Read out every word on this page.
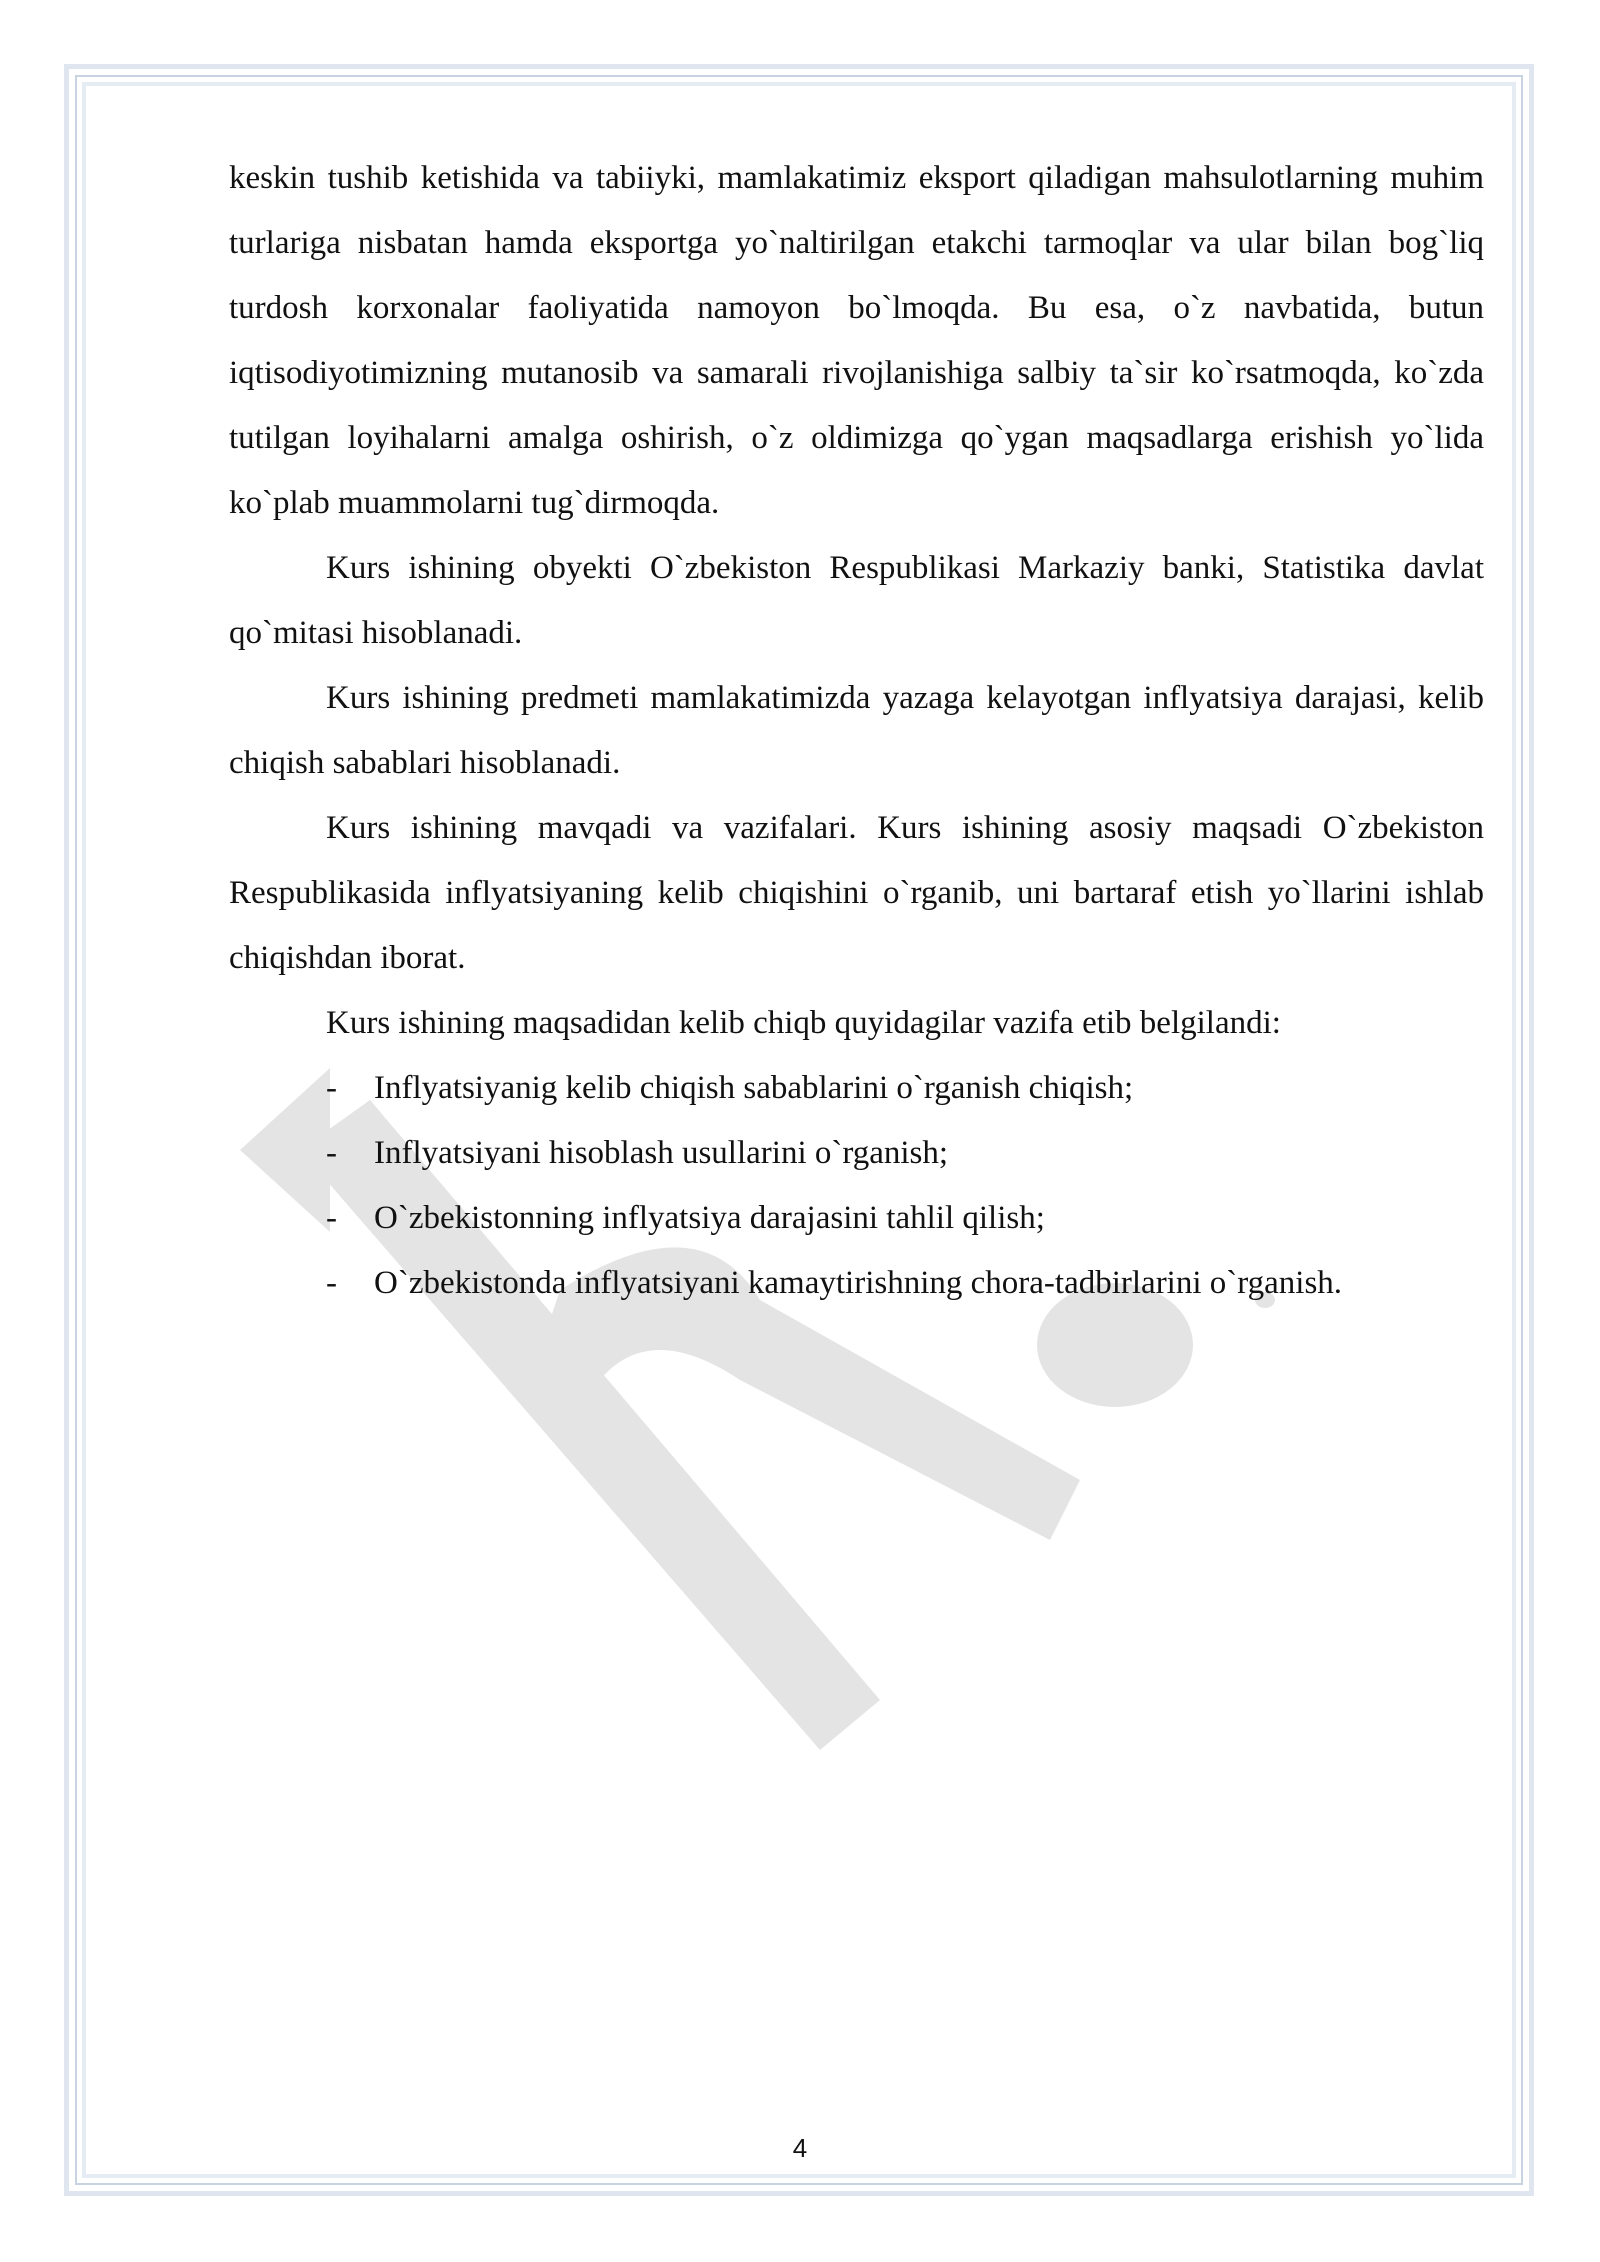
keskin tushib ketishida va tabiiyki, mamlakatimiz eksport qiladigan mahsulotlarning muhim turlariga nisbatan hamda eksportga yo`naltirilgan etakchi tarmoqlar va ular bilan bog`liq turdosh korxonalar faoliyatida namoyon bo`lmoqda. Bu esa, o`z navbatida, butun iqtisodiyotimizning mutanosib va samarali rivojlanishiga salbiy ta`sir ko`rsatmoqda, ko`zda tutilgan loyihalarni amalga oshirish, o`z oldimizga qo`ygan maqsadlarga erishish yo`lida ko`plab muammolarni tug`dirmoqda.

Kurs ishining obyekti O`zbekiston Respublikasi Markaziy banki, Statistika davlat qo`mitasi hisoblanadi.

Kurs ishining predmeti mamlakatimizda yazaga kelayotgan inflyatsiya darajasi, kelib chiqish sabablari hisoblanadi.

Kurs ishining mavqadi va vazifalari. Kurs ishining asosiy maqsadi O`zbekiston Respublikasida inflyatsiyaning kelib chiqishini o`rganib, uni bartaraf etish yo`llarini ishlab chiqishdan iborat.

Kurs ishining maqsadidan kelib chiqb quyidagilar vazifa etib belgilandi:

- Inflyatsiyanig kelib chiqish sabablarini o`rganish chiqish;
- Inflyatsiyani hisoblash usullarini o`rganish;
- O`zbekistonning inflyatsiya darajasini tahlil qilish;
- O`zbekistonda inflyatsiyani kamaytirishning chora-tadbirlarini o`rganish.
4
